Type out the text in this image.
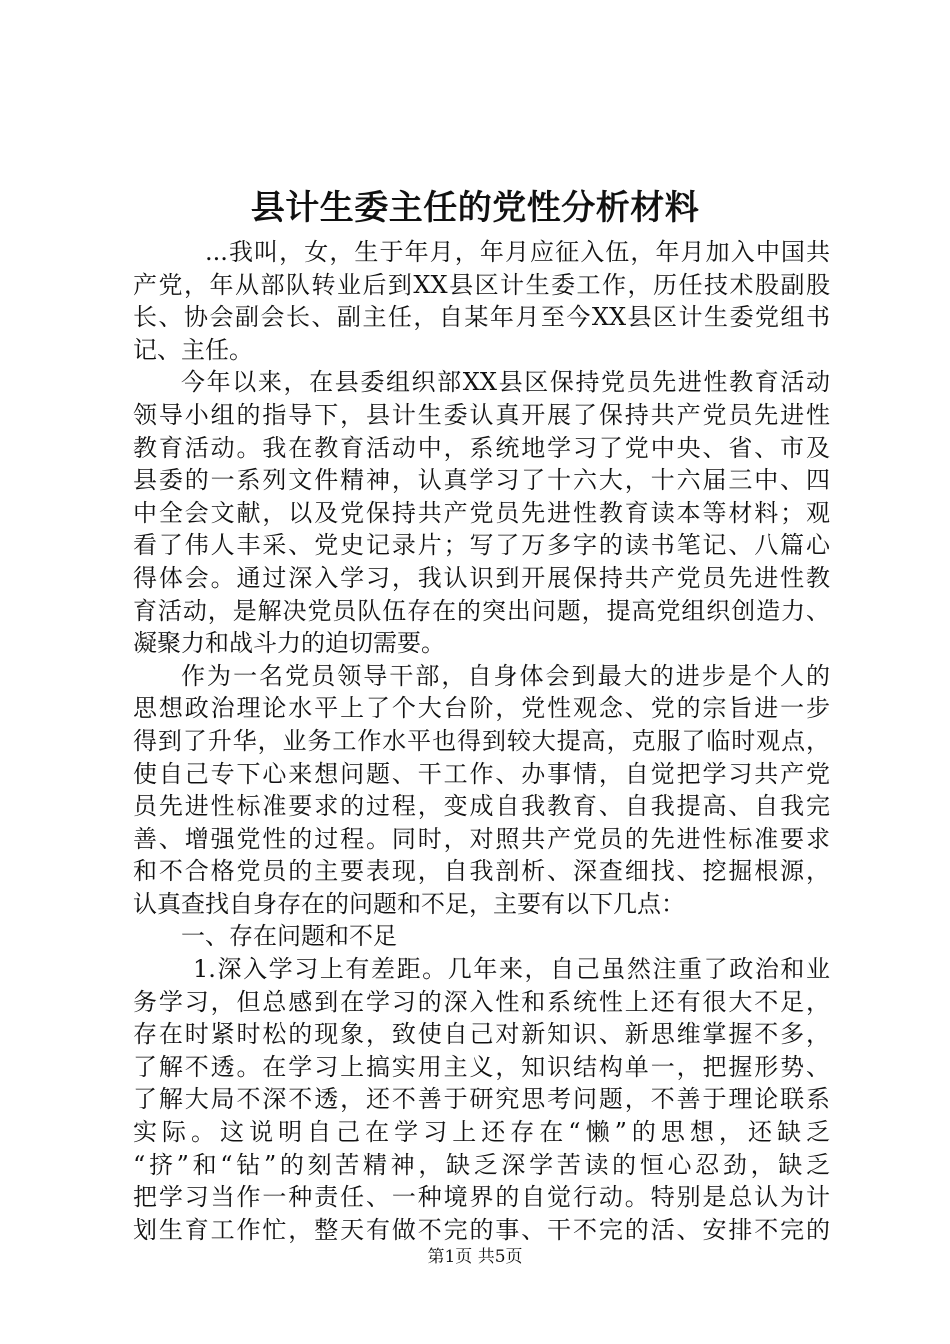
县计生委主任的党性分析材料
...我叫，女，生于年月，年月应征入伍，年月加入中国共
产党，年从部队转业后到XX县区计生委工作，历任技术股副股
长、协会副会长、副主任，自某年月至今XX县区计生委党组书
记、主任。
今年以来，在县委组织部XX县区保持党员先进性教育活动
领导小组的指导下，县计生委认真开展了保持共产党员先进性
教育活动。我在教育活动中，系统地学习了党中央、省、市及
县委的一系列文件精神，认真学习了十六大，十六届三中、四
中全会文献，以及党保持共产党员先进性教育读本等材料；观
看了伟人丰采、党史记录片；写了万多字的读书笔记、八篇心
得体会。通过深入学习，我认识到开展保持共产党员先进性教
育活动，是解决党员队伍存在的突出问题，提高党组织创造力、
凝聚力和战斗力的迫切需要。
作为一名党员领导干部，自身体会到最大的进步是个人的
思想政治理论水平上了个大台阶，党性观念、党的宗旨进一步
得到了升华，业务工作水平也得到较大提高，克服了临时观点，
使自己专下心来想问题、干工作、办事情，自觉把学习共产党
员先进性标准要求的过程，变成自我教育、自我提高、自我完
善、增强党性的过程。同时，对照共产党员的先进性标准要求
和不合格党员的主要表现，自我剖析、深查细找、挖掘根源，
认真查找自身存在的问题和不足，主要有以下几点：
一、存在问题和不足
1.深入学习上有差距。几年来，自己虽然注重了政治和业
务学习，但总感到在学习的深入性和系统性上还有很大不足，
存在时紧时松的现象，致使自己对新知识、新思维掌握不多，
了解不透。在学习上搞实用主义，知识结构单一，把握形势、
了解大局不深不透，还不善于研究思考问题，不善于理论联系
实际。这说明自己在学习上还存在“懒”的思想，还缺乏
“挤”和“钻”的刻苦精神，缺乏深学苦读的恒心忍劲，缺乏
把学习当作一种责任、一种境界的自觉行动。特别是总认为计
划生育工作忙，整天有做不完的事、干不完的活、安排不完的
第1页 共5页
